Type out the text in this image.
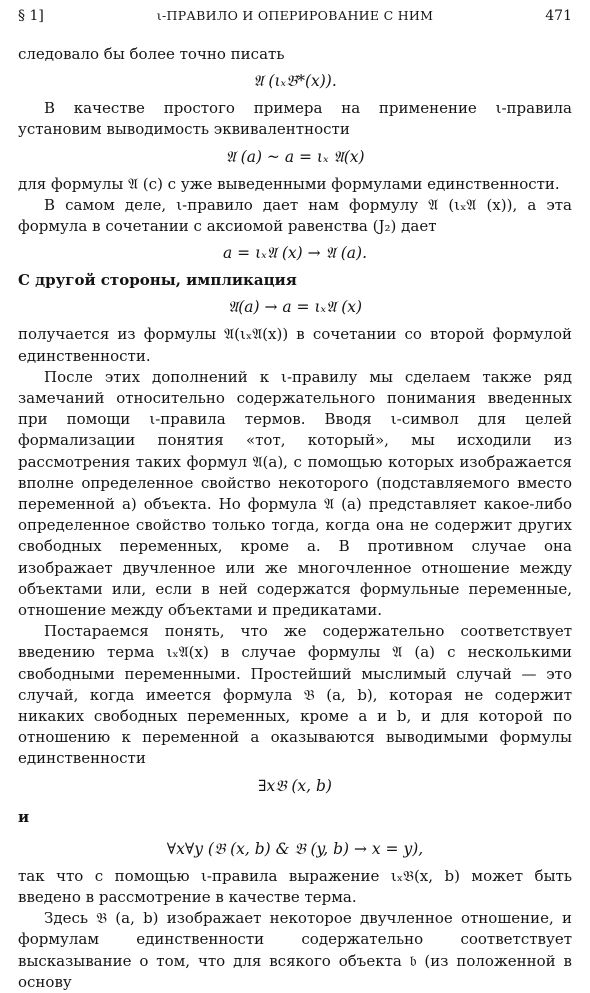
§ 1]	ι-ПРАВИЛО И ОПЕРИРОВАНИЕ С НИМ	471

следовало бы более точно писать

𝔄 (ιₓ𝔅*(x)).

В качестве простого примера на применение ι-правила установим выводимость эквивалентности

𝔄 (a) ~ a = ιₓ 𝔄(x)

для формулы 𝔄 (c) с уже выведенными формулами единственности.

В самом деле, ι-правило дает нам формулу 𝔄 (ιₓ𝔄 (x)), а эта формула в сочетании с аксиомой равенства (J₂) дает

a = ιₓ𝔄 (x) → 𝔄 (a).

С другой стороны, импликация

𝔄(a) → a = ιₓ𝔄 (x)

получается из формулы 𝔄(ιₓ𝔄(x)) в сочетании со второй формулой единственности.

После этих дополнений к ι-правилу мы сделаем также ряд замечаний относительно содержательного понимания введенных при помощи ι-правила термов. Вводя ι-символ для целей формализации понятия «тот, который», мы исходили из рассмотрения таких формул 𝔄(a), с помощью которых изображается вполне определенное свойство некоторого (подставляемого вместо переменной a) объекта. Но формула 𝔄 (a) представляет какое-либо определенное свойство только тогда, когда она не содержит других свободных переменных, кроме a. В противном случае она изображает двучленное или же многочленное отношение между объектами или, если в ней содержатся формульные переменные, отношение между объектами и предикатами.

Постараемся понять, что же содержательно соответствует введению терма ιₓ𝔄(x) в случае формулы 𝔄 (a) с несколькими свободными переменными. Простейший мыслимый случай — это случай, когда имеется формула 𝔅 (a, b), которая не содержит никаких свободных переменных, кроме a и b, и для которой по отношению к переменной a оказываются выводимыми формулы единственности

∃x𝔅 (x, b)
и
∀x∀y (𝔅 (x, b) & 𝔅 (y, b) → x = y),

так что с помощью ι-правила выражение ιₓ𝔅(x, b) может быть введено в рассмотрение в качестве терма.

Здесь 𝔅 (a, b) изображает некоторое двучленное отношение, и формулам единственности содержательно соответствует высказывание о том, что для всякого объекта 𝔟 (из положенной в основу
